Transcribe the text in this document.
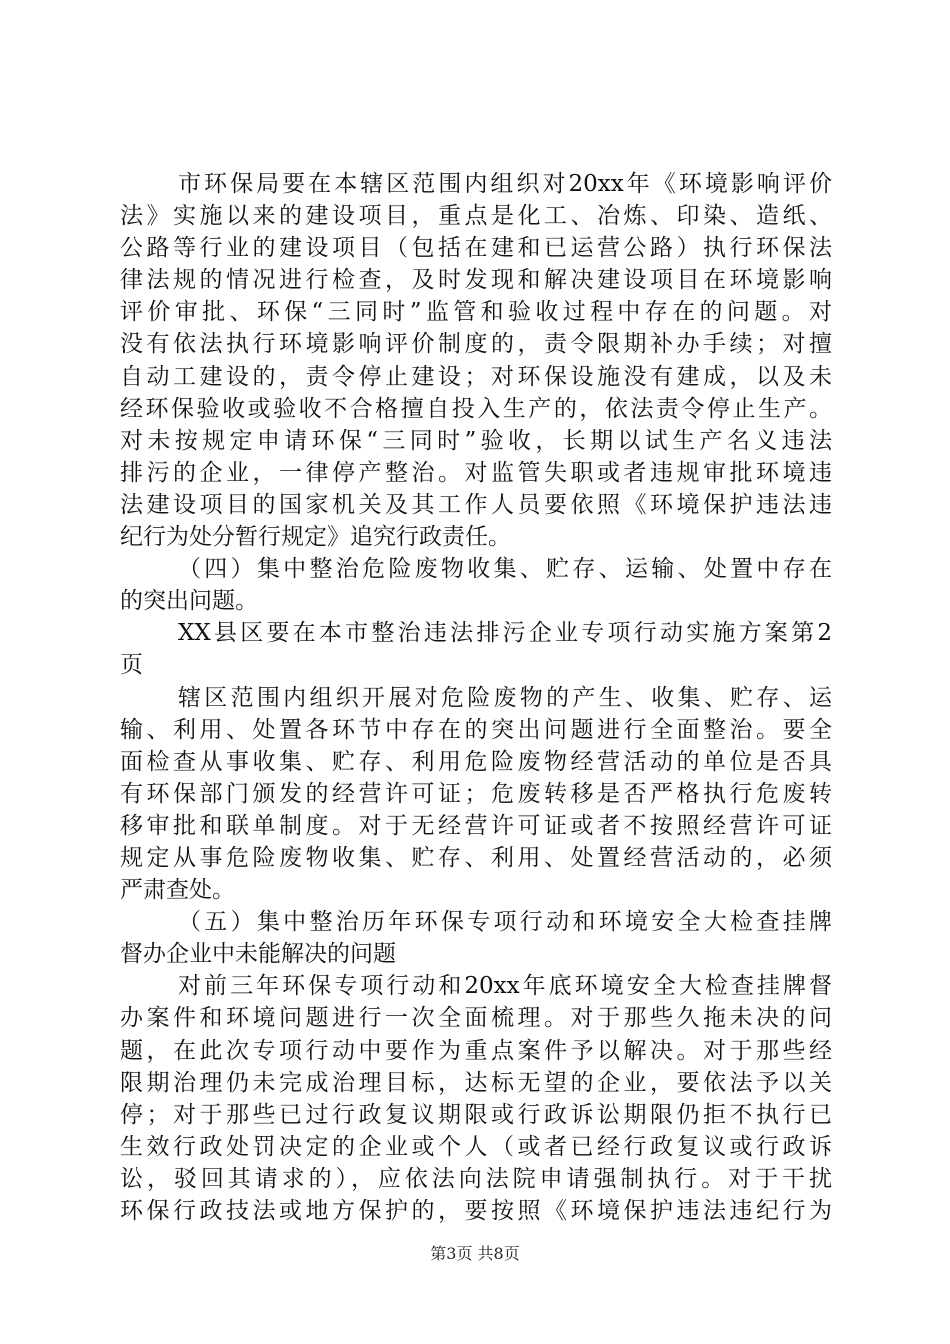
市环保局要在本辖区范围内组织对20xx年《环境影响评价
法》实施以来的建设项目，重点是化工、冶炼、印染、造纸、
公路等行业的建设项目（包括在建和已运营公路）执行环保法
律法规的情况进行检查，及时发现和解决建设项目在环境影响
评价审批、环保“三同时”监管和验收过程中存在的问题。对
没有依法执行环境影响评价制度的，责令限期补办手续；对擅
自动工建设的，责令停止建设；对环保设施没有建成，以及未
经环保验收或验收不合格擅自投入生产的，依法责令停止生产。
对未按规定申请环保“三同时”验收，长期以试生产名义违法
排污的企业，一律停产整治。对监管失职或者违规审批环境违
法建设项目的国家机关及其工作人员要依照《环境保护违法违
纪行为处分暂行规定》追究行政责任。
（四）集中整治危险废物收集、贮存、运输、处置中存在
的突出问题。
XX县区要在本市整治违法排污企业专项行动实施方案第2
页
辖区范围内组织开展对危险废物的产生、收集、贮存、运
输、利用、处置各环节中存在的突出问题进行全面整治。要全
面检查从事收集、贮存、利用危险废物经营活动的单位是否具
有环保部门颁发的经营许可证；危废转移是否严格执行危废转
移审批和联单制度。对于无经营许可证或者不按照经营许可证
规定从事危险废物收集、贮存、利用、处置经营活动的，必须
严肃查处。
（五）集中整治历年环保专项行动和环境安全大检查挂牌
督办企业中未能解决的问题
对前三年环保专项行动和20xx年底环境安全大检查挂牌督
办案件和环境问题进行一次全面梳理。对于那些久拖未决的问
题，在此次专项行动中要作为重点案件予以解决。对于那些经
限期治理仍未完成治理目标，达标无望的企业，要依法予以关
停；对于那些已过行政复议期限或行政诉讼期限仍拒不执行已
生效行政处罚决定的企业或个人（或者已经行政复议或行政诉
讼，驳回其请求的），应依法向法院申请强制执行。对于干扰
环保行政技法或地方保护的，要按照《环境保护违法违纪行为
第3页 共8页
